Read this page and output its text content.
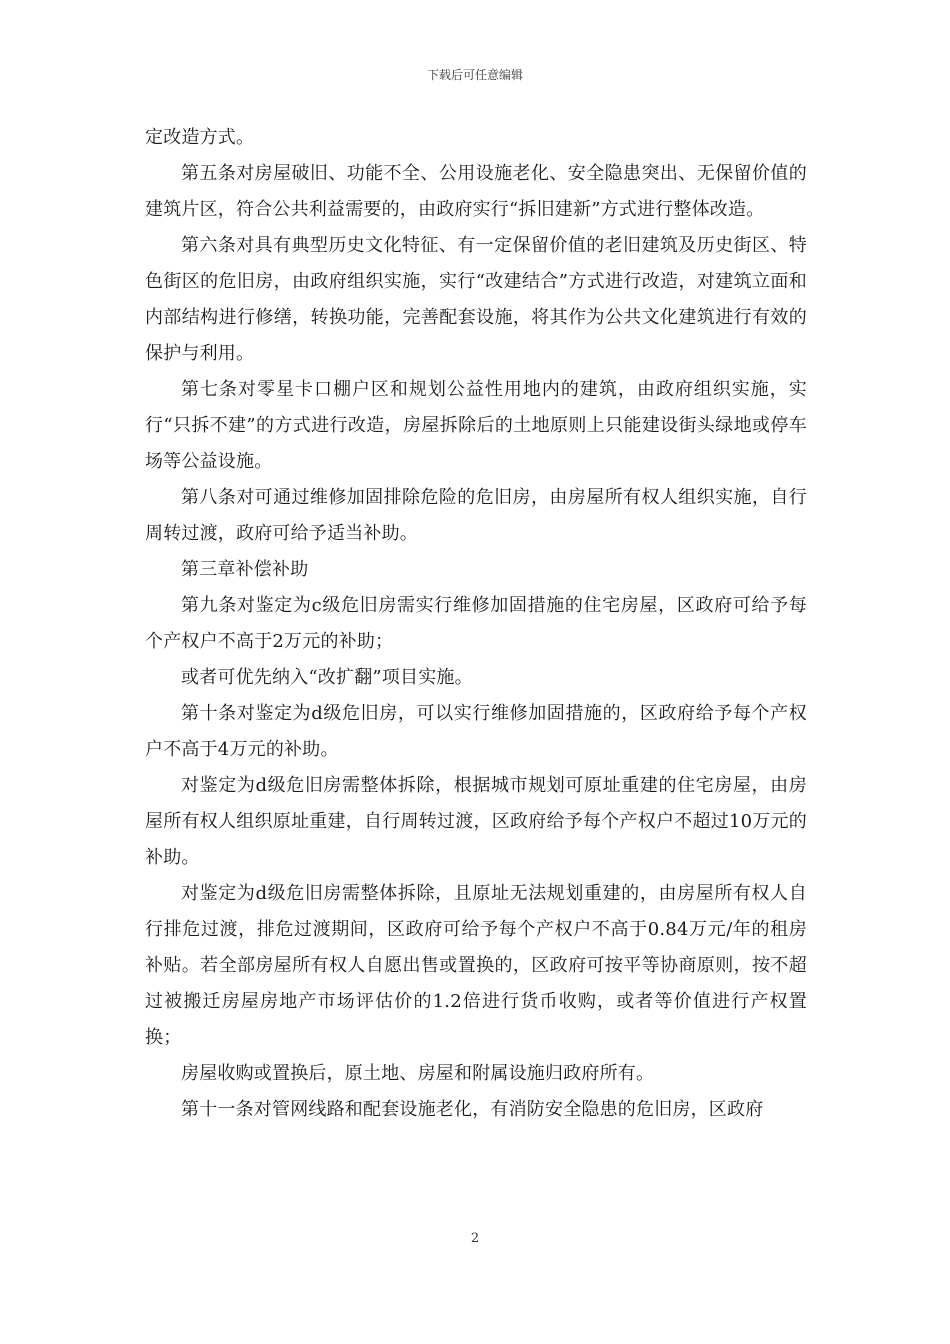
下载后可任意编辑

定改造方式。

第五条对房屋破旧、功能不全、公用设施老化、安全隐患突出、无保留价值的建筑片区，符合公共利益需要的，由政府实行“拆旧建新”方式进行整体改造。

第六条对具有典型历史文化特征、有一定保留价值的老旧建筑及历史街区、特色街区的危旧房，由政府组织实施，实行“改建结合”方式进行改造，对建筑立面和内部结构进行修缮，转换功能，完善配套设施，将其作为公共文化建筑进行有效的保护与利用。

第七条对零星卡口棚户区和规划公益性用地内的建筑，由政府组织实施，实行“只拆不建”的方式进行改造，房屋拆除后的土地原则上只能建设街头绿地或停车场等公益设施。

第八条对可通过维修加固排除危险的危旧房，由房屋所有权人组织实施，自行周转过渡，政府可给予适当补助。

第三章补偿补助

第九条对鉴定为c级危旧房需实行维修加固措施的住宅房屋，区政府可给予每个产权户不高于2万元的补助；

或者可优先纳入“改扩翻”项目实施。

第十条对鉴定为d级危旧房，可以实行维修加固措施的，区政府给予每个产权户不高于4万元的补助。

对鉴定为d级危旧房需整体拆除，根据城市规划可原址重建的住宅房屋，由房屋所有权人组织原址重建，自行周转过渡，区政府给予每个产权户不超过10万元的补助。

对鉴定为d级危旧房需整体拆除，且原址无法规划重建的，由房屋所有权人自行排危过渡，排危过渡期间，区政府可给予每个产权户不高于0.84万元/年的租房补贴。若全部房屋所有权人自愿出售或置换的，区政府可按平等协商原则，按不超过被搬迁房屋房地产市场评估价的1.2倍进行货币收购，或者等价值进行产权置换；

房屋收购或置换后，原土地、房屋和附属设施归政府所有。

第十一条对管网线路和配套设施老化，有消防安全隐患的危旧房，区政府

2
